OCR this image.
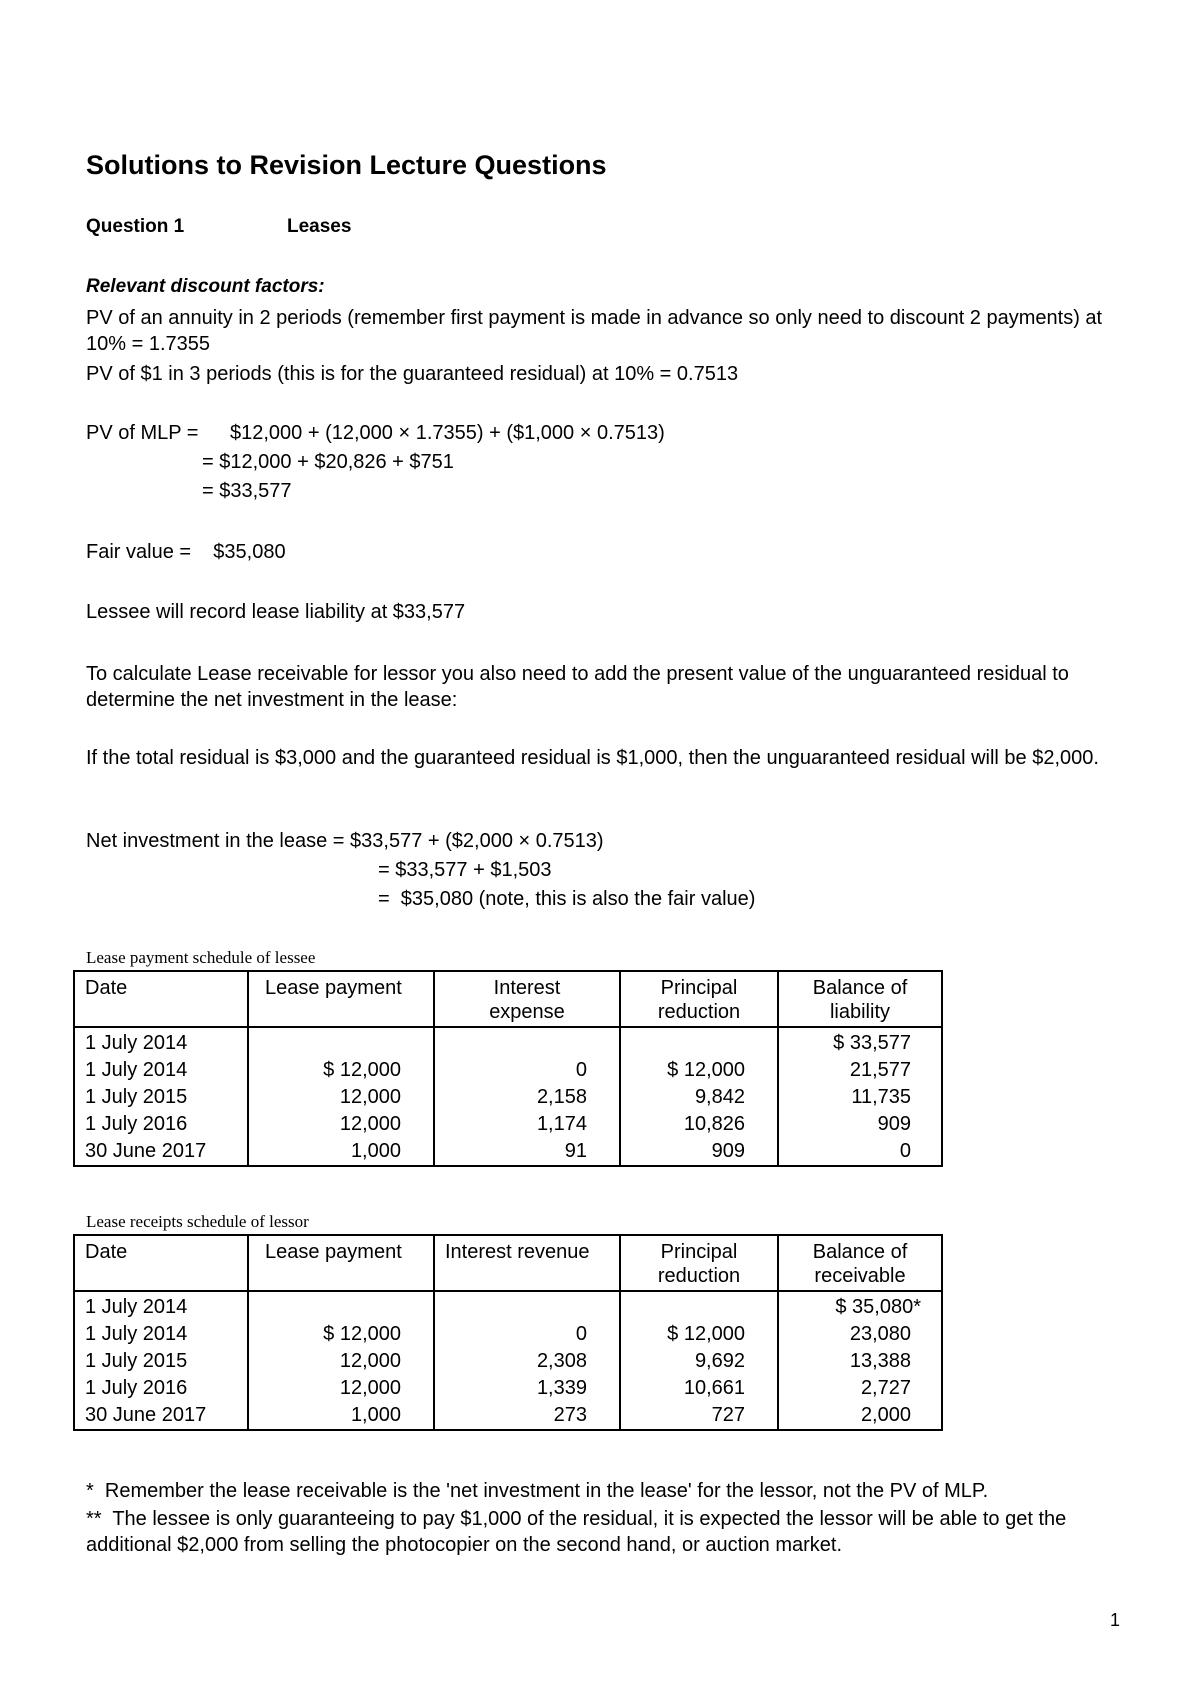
Solutions to Revision Lecture Questions
Question 1	Leases
Relevant discount factors:
PV of an annuity in 2 periods (remember first payment is made in advance so only need to discount 2 payments) at 10% = 1.7355
PV of $1 in 3 periods (this is for the guaranteed residual) at 10% = 0.7513
PV of MLP = $12,000 + (12,000 × 1.7355) + ($1,000 × 0.7513)
= $12,000 + $20,826 + $751
= $33,577
Fair value =    $35,080
Lessee will record lease liability at $33,577
To calculate Lease receivable for lessor you also need to add the present value of the unguaranteed residual to determine the net investment in the lease:
If the total residual is $3,000 and the guaranteed residual is $1,000, then the unguaranteed residual will be $2,000.
Net investment in the lease = $33,577 + ($2,000 × 0.7513)
= $33,577 + $1,503
=  $35,080 (note, this is also the fair value)
Lease payment schedule of lessee
Date	Lease payment	Interest expense	Principal reduction	Balance of liability
1 July 2014				$ 33,577
1 July 2014	$ 12,000	0	$ 12,000	21,577
1 July 2015	12,000	2,158	9,842	11,735
1 July 2016	12,000	1,174	10,826	909
30 June 2017	1,000	91	909	0
Lease receipts schedule of lessor
Date	Lease payment	Interest revenue	Principal reduction	Balance of receivable
1 July 2014				$ 35,080*
1 July 2014	$ 12,000	0	$ 12,000	23,080
1 July 2015	12,000	2,308	9,692	13,388
1 July 2016	12,000	1,339	10,661	2,727
30 June 2017	1,000	273	727	2,000
*  Remember the lease receivable is the 'net investment in the lease' for the lessor, not the PV of MLP.
**  The lessee is only guaranteeing to pay $1,000 of the residual, it is expected the lessor will be able to get the additional $2,000 from selling the photocopier on the second hand, or auction market.
1
